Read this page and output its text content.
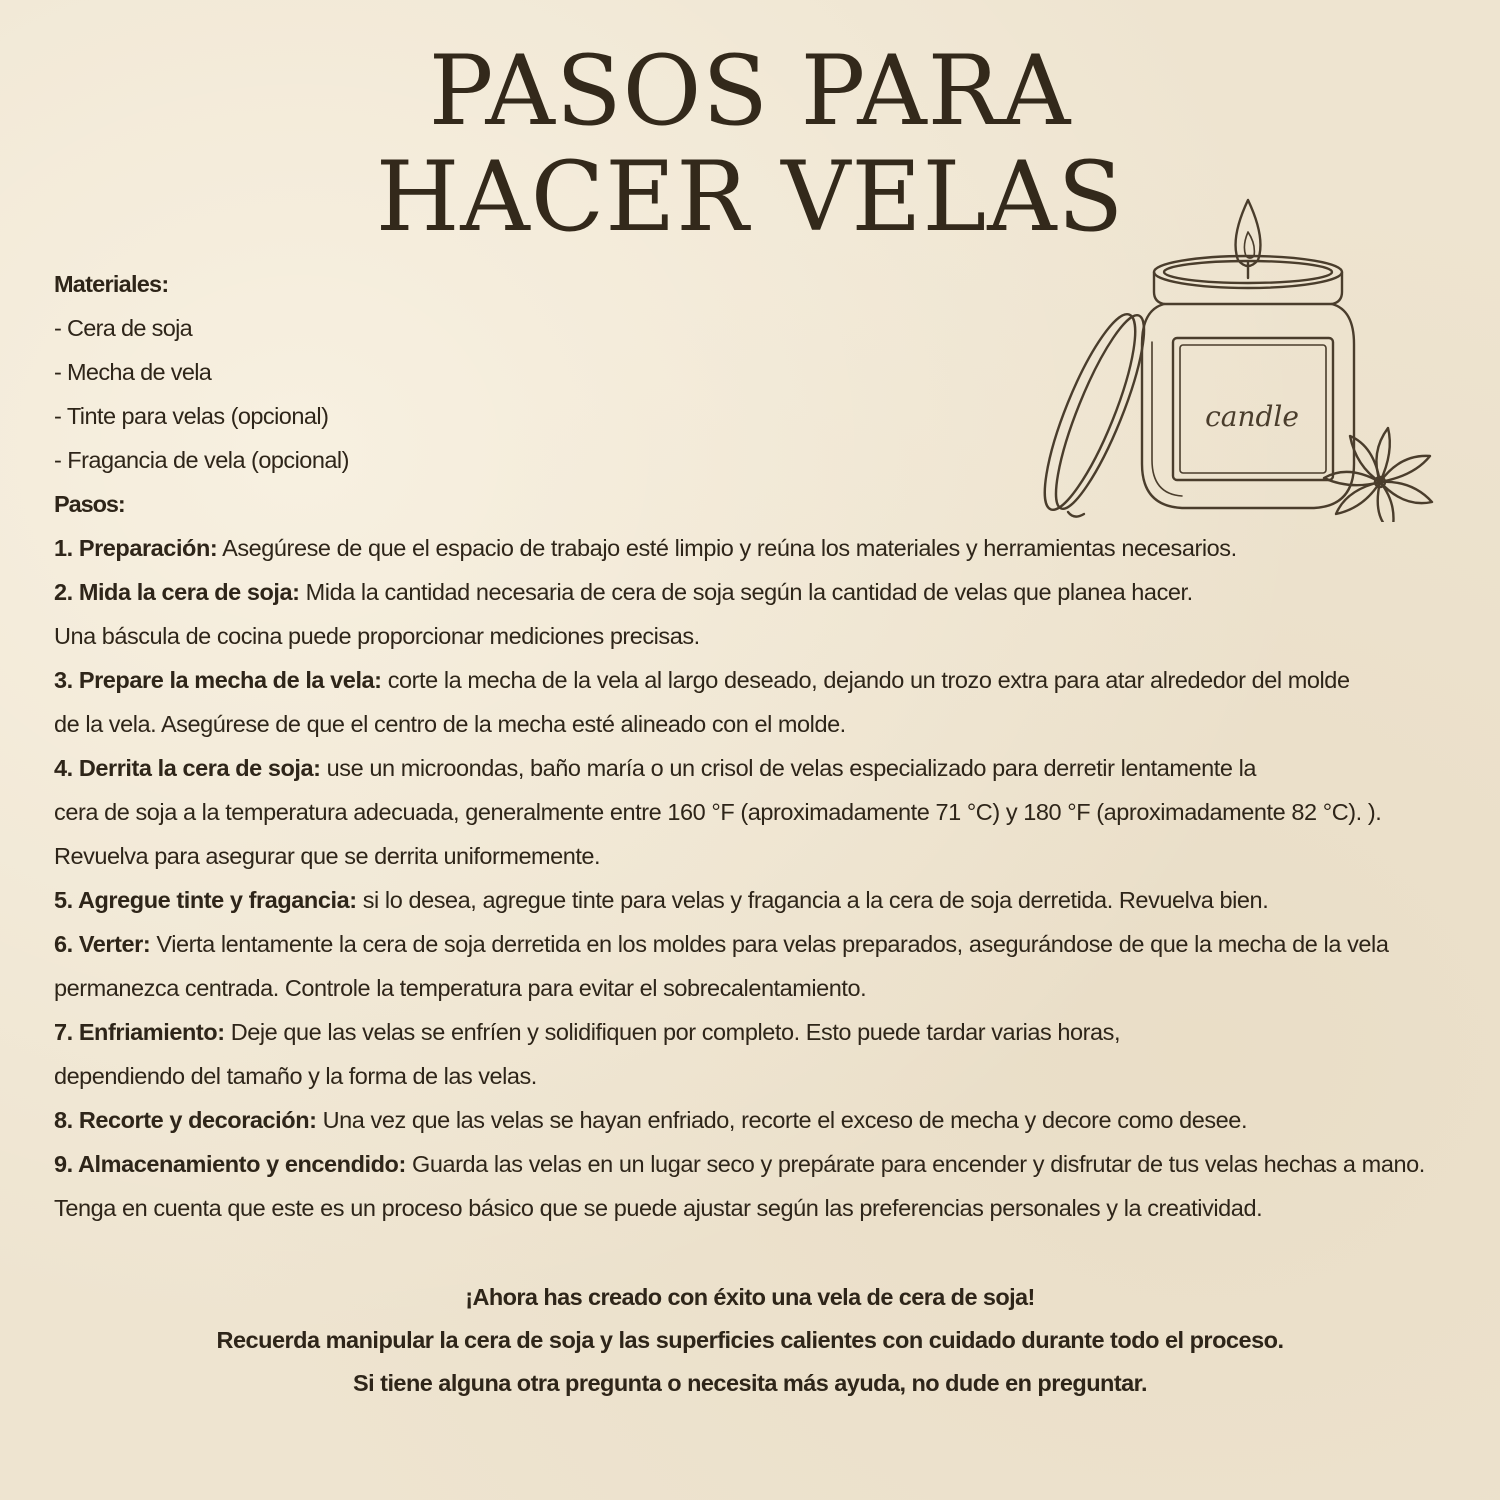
PASOS PARA
HACER VELAS
candle
Materiales:
- Cera de soja
- Mecha de vela
- Tinte para velas (opcional)
- Fragancia de vela (opcional)
Pasos:
1. Preparación: Asegúrese de que el espacio de trabajo esté limpio y reúna los materiales y herramientas necesarios.
2. Mida la cera de soja: Mida la cantidad necesaria de cera de soja según la cantidad de velas que planea hacer.
Una báscula de cocina puede proporcionar mediciones precisas.
3. Prepare la mecha de la vela: corte la mecha de la vela al largo deseado, dejando un trozo extra para atar alrededor del molde
de la vela. Asegúrese de que el centro de la mecha esté alineado con el molde.
4. Derrita la cera de soja: use un microondas, baño maría o un crisol de velas especializado para derretir lentamente la
cera de soja a la temperatura adecuada, generalmente entre 160 °F (aproximadamente 71 °C) y 180 °F (aproximadamente 82 °C). ).
Revuelva para asegurar que se derrita uniformemente.
5. Agregue tinte y fragancia: si lo desea, agregue tinte para velas y fragancia a la cera de soja derretida. Revuelva bien.
6. Verter: Vierta lentamente la cera de soja derretida en los moldes para velas preparados, asegurándose de que la mecha de la vela
permanezca centrada. Controle la temperatura para evitar el sobrecalentamiento.
7. Enfriamiento: Deje que las velas se enfríen y solidifiquen por completo. Esto puede tardar varias horas,
dependiendo del tamaño y la forma de las velas.
8. Recorte y decoración: Una vez que las velas se hayan enfriado, recorte el exceso de mecha y decore como desee.
9. Almacenamiento y encendido: Guarda las velas en un lugar seco y prepárate para encender y disfrutar de tus velas hechas a mano.
Tenga en cuenta que este es un proceso básico que se puede ajustar según las preferencias personales y la creatividad.
¡Ahora has creado con éxito una vela de cera de soja!
Recuerda manipular la cera de soja y las superficies calientes con cuidado durante todo el proceso.
Si tiene alguna otra pregunta o necesita más ayuda, no dude en preguntar.
